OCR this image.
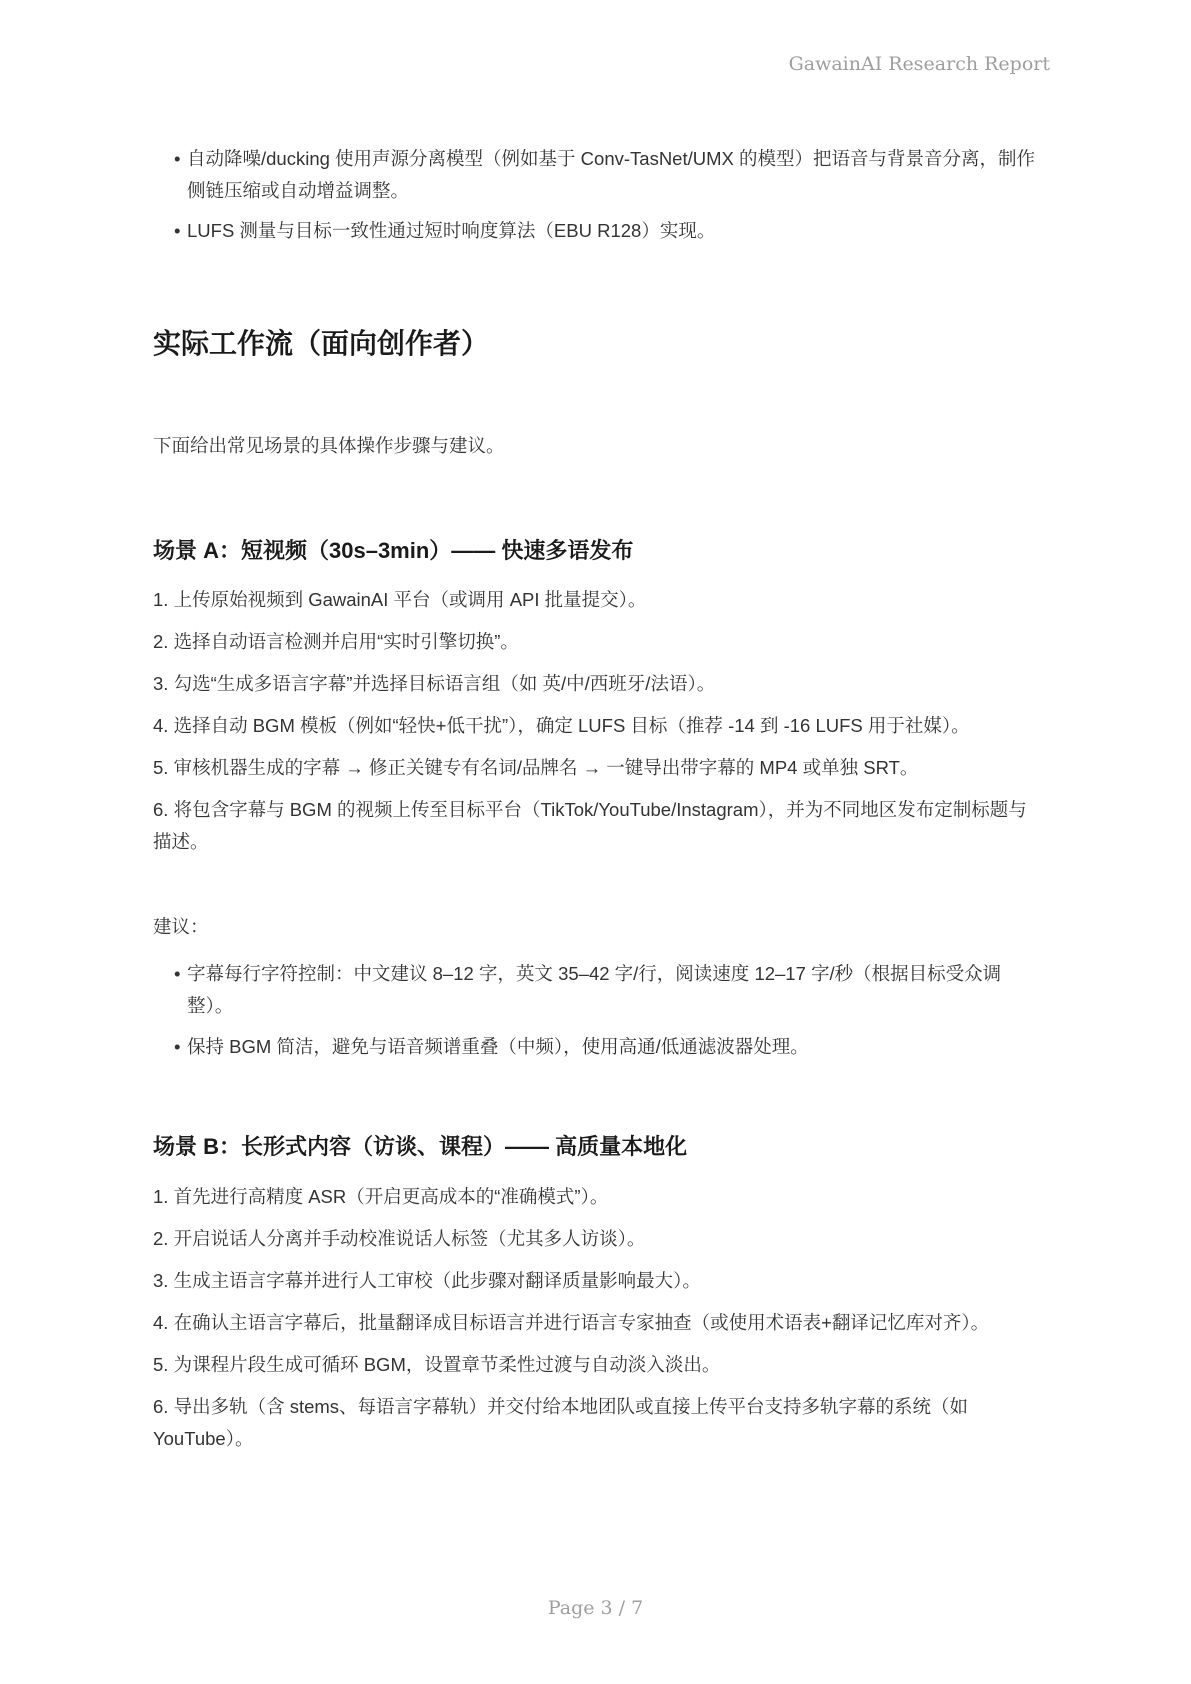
GawainAI Research Report
• 自动降噪/ducking 使用声源分离模型（例如基于 Conv-TasNet/UMX 的模型）把语音与背景音分离，制作侧链压缩或自动增益调整。
• LUFS 测量与目标一致性通过短时响度算法（EBU R128）实现。
实际工作流（面向创作者）

下面给出常见场景的具体操作步骤与建议。

场景 A：短视频（30s–3min）—— 快速多语发布

1. 上传原始视频到 GawainAI 平台（或调用 API 批量提交）。

2. 选择自动语言检测并启用“实时引擎切换”。

3. 勾选“生成多语言字幕”并选择目标语言组（如 英/中/西班牙/法语）。

4. 选择自动 BGM 模板（例如“轻快+低干扰”），确定 LUFS 目标（推荐 -14 到 -16 LUFS 用于社媒）。

5. 审核机器生成的字幕 → 修正关键专有名词/品牌名 → 一键导出带字幕的 MP4 或单独 SRT。

6. 将包含字幕与 BGM 的视频上传至目标平台（TikTok/YouTube/Instagram），并为不同地区发布定制标题与描述。

建议：

• 字幕每行字符控制：中文建议 8–12 字，英文 35–42 字/行，阅读速度 12–17 字/秒（根据目标受众调整）。
• 保持 BGM 简洁，避免与语音频谱重叠（中频），使用高通/低通滤波器处理。
场景 B：长形式内容（访谈、课程）—— 高质量本地化

1. 首先进行高精度 ASR（开启更高成本的“准确模式”）。

2. 开启说话人分离并手动校准说话人标签（尤其多人访谈）。

3. 生成主语言字幕并进行人工审校（此步骤对翻译质量影响最大）。

4. 在确认主语言字幕后，批量翻译成目标语言并进行语言专家抽查（或使用术语表+翻译记忆库对齐）。

5. 为课程片段生成可循环 BGM，设置章节柔性过渡与自动淡入淡出。

6. 导出多轨（含 stems、每语言字幕轨）并交付给本地团队或直接上传平台支持多轨字幕的系统（如 YouTube）。

Page 3 / 7
